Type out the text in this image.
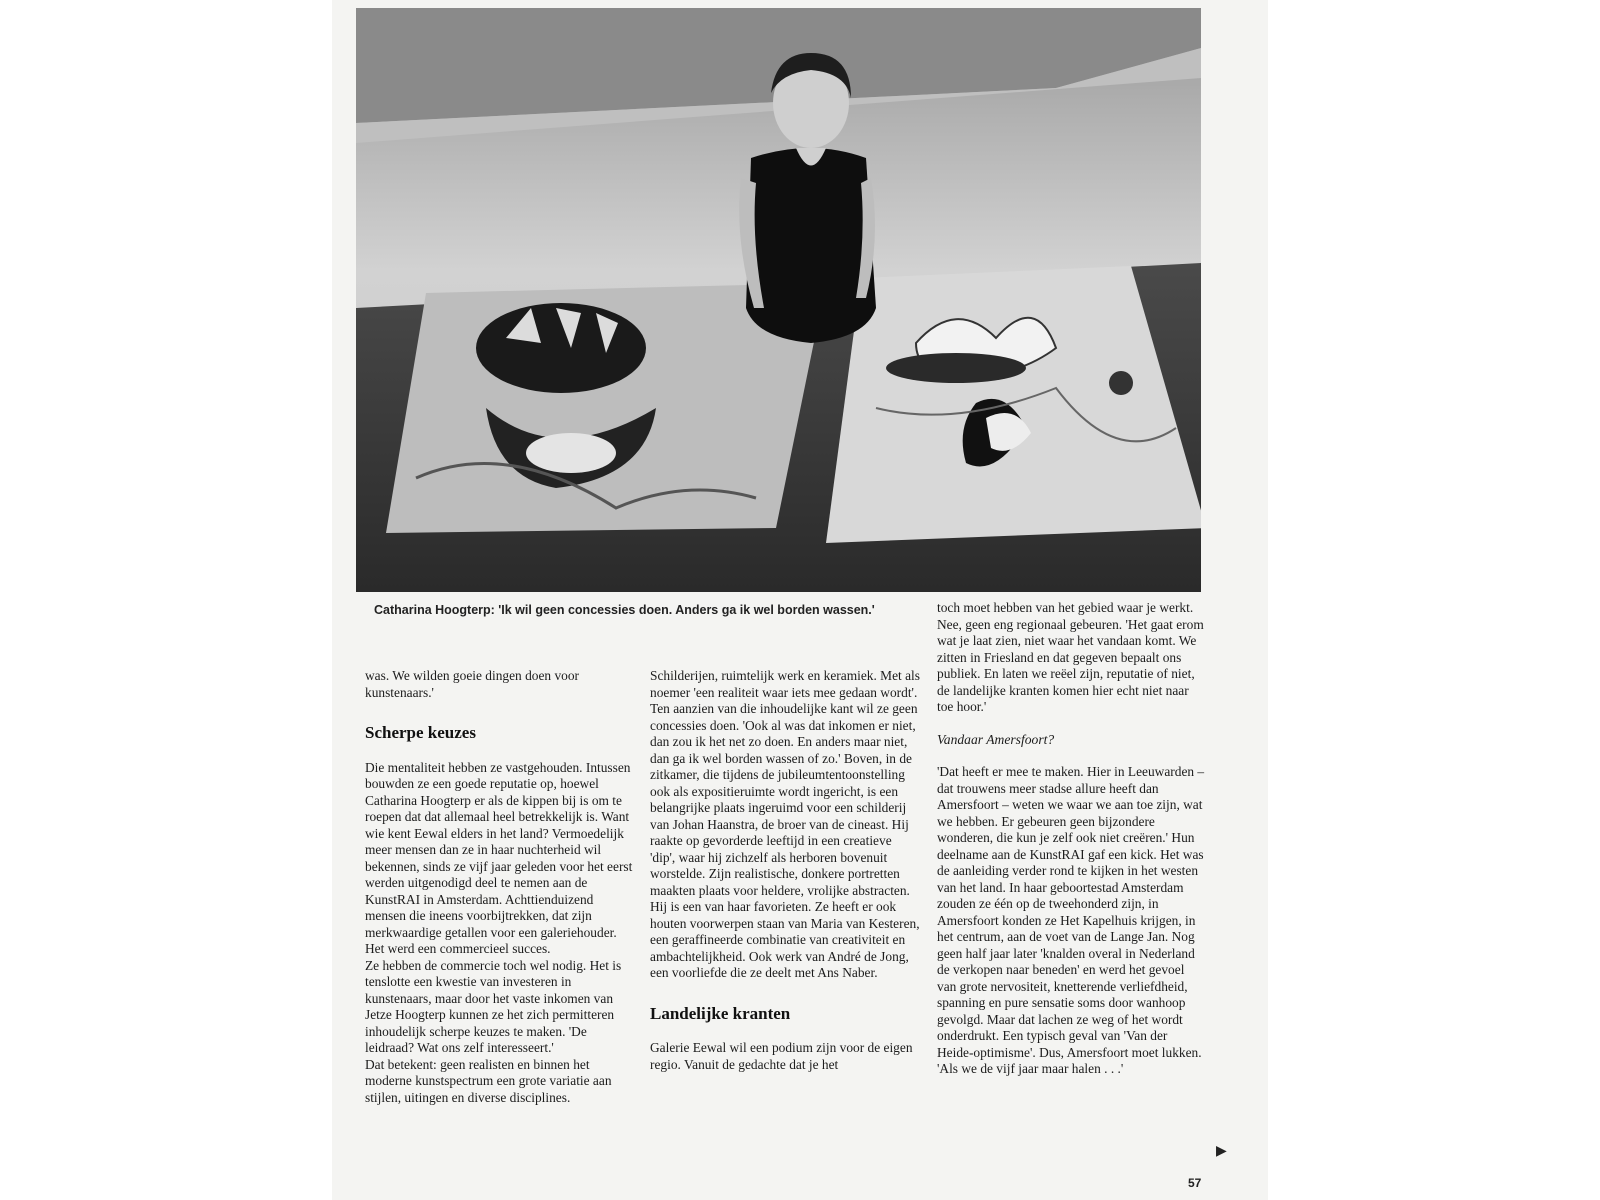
Catharina Hoogterp: 'Ik wil geen concessies doen. Anders ga ik wel borden wassen.'

was. We wilden goeie dingen doen voor kunstenaars.'

Scherpe keuzes

Die mentaliteit hebben ze vastgehouden. Intussen bouwden ze een goede reputatie op, hoewel Catharina Hoogterp er als de kippen bij is om te roepen dat dat allemaal heel betrekkelijk is. Want wie kent Eewal elders in het land? Vermoedelijk meer mensen dan ze in haar nuchterheid wil bekennen, sinds ze vijf jaar geleden voor het eerst werden uitgenodigd deel te nemen aan de KunstRAI in Amsterdam. Achttienduizend mensen die ineens voorbijtrekken, dat zijn merkwaardige getallen voor een galeriehouder. Het werd een commercieel succes.

Ze hebben de commercie toch wel nodig. Het is tenslotte een kwestie van investeren in kunstenaars, maar door het vaste inkomen van Jetze Hoogterp kunnen ze het zich permitteren inhoudelijk scherpe keuzes te maken. 'De leidraad? Wat ons zelf interesseert.'

Dat betekent: geen realisten en binnen het moderne kunstspectrum een grote variatie aan stijlen, uitingen en diverse disciplines.

Schilderijen, ruimtelijk werk en keramiek. Met als noemer 'een realiteit waar iets mee gedaan wordt'. Ten aanzien van die inhoudelijke kant wil ze geen concessies doen. 'Ook al was dat inkomen er niet, dan zou ik het net zo doen. En anders maar niet, dan ga ik wel borden wassen of zo.' Boven, in de zitkamer, die tijdens de jubileumtentoonstelling ook als expositieruimte wordt ingericht, is een belangrijke plaats ingeruimd voor een schilderij van Johan Haanstra, de broer van de cineast. Hij raakte op gevorderde leeftijd in een creatieve 'dip', waar hij zichzelf als herboren bovenuit worstelde. Zijn realistische, donkere portretten maakten plaats voor heldere, vrolijke abstracten. Hij is een van haar favorieten. Ze heeft er ook houten voorwerpen staan van Maria van Kesteren, een geraffineerde combinatie van creativiteit en ambachtelijkheid. Ook werk van André de Jong, een voorliefde die ze deelt met Ans Naber.

Landelijke kranten

Galerie Eewal wil een podium zijn voor de eigen regio. Vanuit de gedachte dat je het

toch moet hebben van het gebied waar je werkt. Nee, geen eng regionaal gebeuren. 'Het gaat erom wat je laat zien, niet waar het vandaan komt. We zitten in Friesland en dat gegeven bepaalt ons publiek. En laten we reëel zijn, reputatie of niet, de landelijke kranten komen hier echt niet naar toe hoor.'

Vandaar Amersfoort?

'Dat heeft er mee te maken. Hier in Leeuwarden – dat trouwens meer stadse allure heeft dan Amersfoort – weten we waar we aan toe zijn, wat we hebben. Er gebeuren geen bijzondere wonderen, die kun je zelf ook niet creëren.' Hun deelname aan de KunstRAI gaf een kick. Het was de aanleiding verder rond te kijken in het westen van het land. In haar geboortestad Amsterdam zouden ze één op de tweehonderd zijn, in Amersfoort konden ze Het Kapelhuis krijgen, in het centrum, aan de voet van de Lange Jan. Nog geen half jaar later 'knalden overal in Nederland de verkopen naar beneden' en werd het gevoel van grote nervositeit, knetterende verliefdheid, spanning en pure sensatie soms door wanhoop gevolgd. Maar dat lachen ze weg of het wordt onderdrukt. Een typisch geval van 'Van der Heide-optimisme'. Dus, Amersfoort moet lukken. 'Als we de vijf jaar maar halen . . .'

▶
57
